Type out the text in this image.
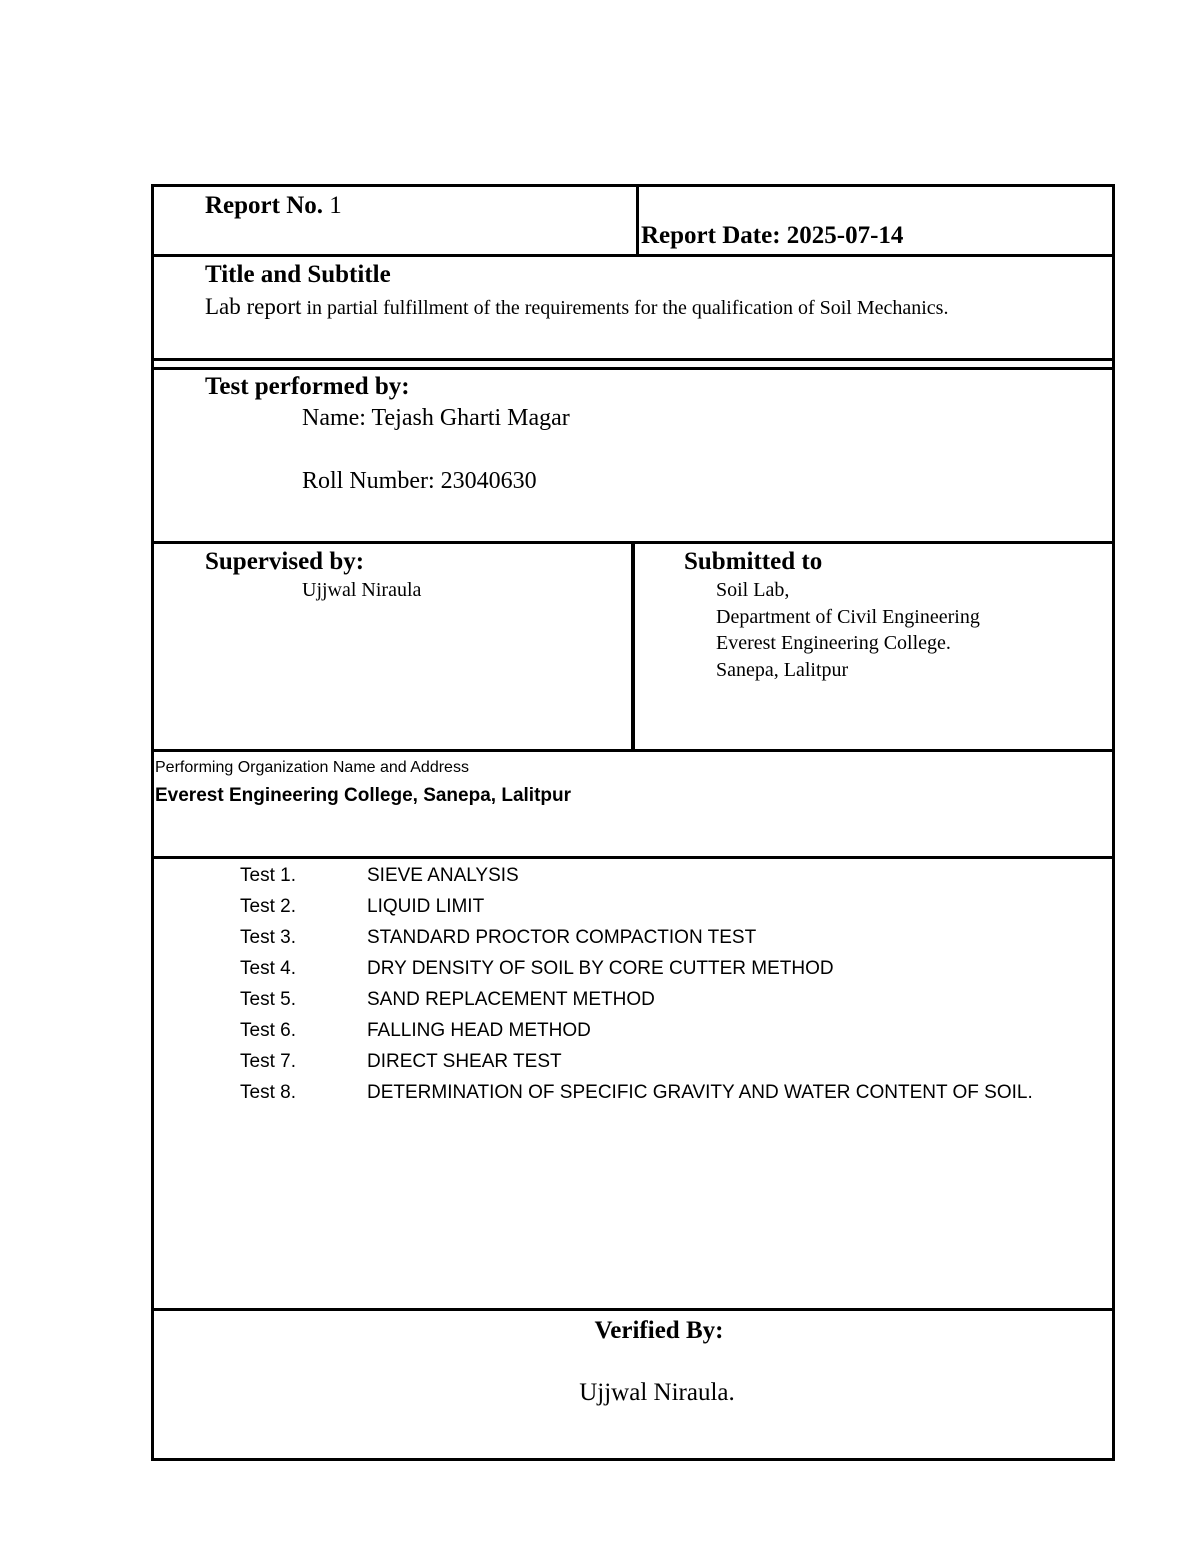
Report No. 1
Report Date: 2025-07-14
Title and Subtitle
Lab report in partial fulfillment of the requirements for the qualification of Soil Mechanics.
Test performed by:
Name: Tejash Gharti Magar
Roll Number: 23040630
Supervised by:
Ujjwal Niraula
Submitted to
Soil Lab,
Department of Civil Engineering
Everest Engineering College.
Sanepa, Lalitpur
Performing Organization Name and Address
Everest Engineering College, Sanepa, Lalitpur
Test 1.	SIEVE ANALYSIS
Test 2.	LIQUID LIMIT
Test 3.	STANDARD PROCTOR COMPACTION TEST
Test 4.	DRY DENSITY OF SOIL BY CORE CUTTER METHOD
Test 5.	SAND REPLACEMENT METHOD
Test 6.	FALLING HEAD METHOD
Test 7.	DIRECT SHEAR TEST
Test 8.	DETERMINATION OF SPECIFIC GRAVITY AND WATER CONTENT OF SOIL.
Verified By:
Ujjwal Niraula.
